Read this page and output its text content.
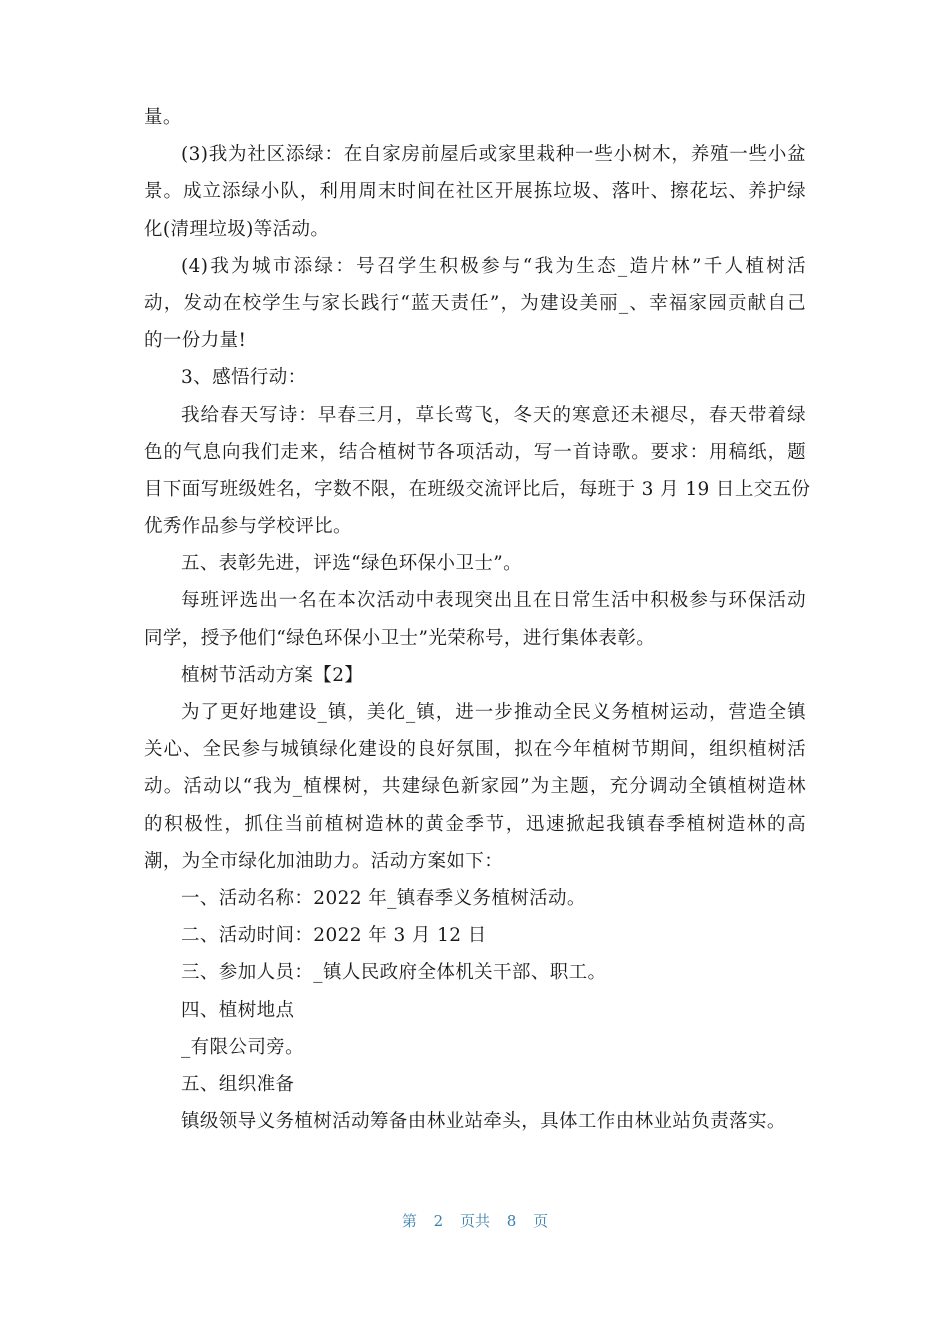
量。
(3)我为社区添绿：在自家房前屋后或家里栽种一些小树木，养殖一些小盆
景。成立添绿小队，利用周末时间在社区开展拣垃圾、落叶、擦花坛、养护绿
化(清理垃圾)等活动。
(4)我为城市添绿：号召学生积极参与“我为生态_造片林”千人植树活
动，发动在校学生与家长践行“蓝天责任”，为建设美丽_、幸福家园贡献自己
的一份力量!
3、感悟行动：
我给春天写诗：早春三月，草长莺飞，冬天的寒意还未褪尽，春天带着绿
色的气息向我们走来，结合植树节各项活动，写一首诗歌。要求：用稿纸，题
目下面写班级姓名，字数不限，在班级交流评比后，每班于 3 月 19 日上交五份
优秀作品参与学校评比。
五、表彰先进，评选“绿色环保小卫士”。
每班评选出一名在本次活动中表现突出且在日常生活中积极参与环保活动
同学，授予他们“绿色环保小卫士”光荣称号，进行集体表彰。
植树节活动方案【2】
为了更好地建设_镇，美化_镇，进一步推动全民义务植树运动，营造全镇
关心、全民参与城镇绿化建设的良好氛围，拟在今年植树节期间，组织植树活
动。活动以“我为_植棵树，共建绿色新家园”为主题，充分调动全镇植树造林
的积极性，抓住当前植树造林的黄金季节，迅速掀起我镇春季植树造林的高
潮，为全市绿化加油助力。活动方案如下：
一、活动名称：2022 年_镇春季义务植树活动。
二、活动时间：2022 年 3 月 12 日
三、参加人员：_镇人民政府全体机关干部、职工。
四、植树地点
_有限公司旁。
五、组织准备
镇级领导义务植树活动筹备由林业站牵头，具体工作由林业站负责落实。
第 2 页共 8 页
